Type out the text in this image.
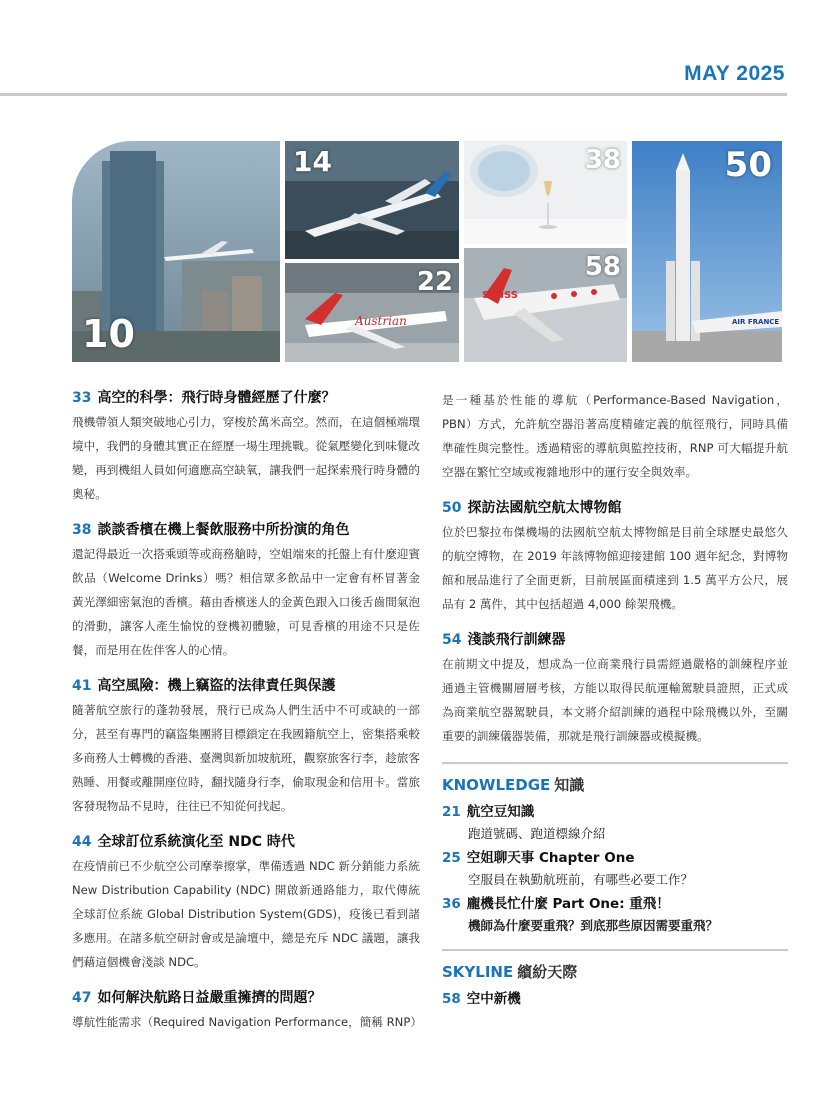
MAY 2025
10
14
Austrian
22
38
SWISS
58
AIR FRANCE
50
33 高空的科學：飛行時身體經歷了什麼？

飛機帶領人類突破地心引力，穿梭於萬米高空。然而，在這個極端環境中，我們的身體其實正在經歷一場生理挑戰。從氣壓變化到味覺改變，再到機組人員如何適應高空缺氧，讓我們一起探索飛行時身體的奧秘。

38 談談香檳在機上餐飲服務中所扮演的角色

還記得最近一次搭乘頭等或商務艙時，空姐端來的托盤上有什麼迎賓飲品（Welcome Drinks）嗎？相信眾多飲品中一定會有杯冒著金黃光澤細密氣泡的香檳。藉由香檳迷人的金黃色跟入口後舌齒間氣泡的滑動，讓客人產生愉悅的登機初體驗，可見香檳的用途不只是佐餐，而是用在佐伴客人的心情。

41 高空風險：機上竊盜的法律責任與保護

隨著航空旅行的蓬勃發展，飛行已成為人們生活中不可或缺的一部分，甚至有專門的竊盜集團將目標鎖定在我國籍航空上，密集搭乘較多商務人士轉機的香港、臺灣與新加坡航班，觀察旅客行李，趁旅客熟睡、用餐或離開座位時，翻找隨身行李，偷取現金和信用卡。當旅客發現物品不見時，往往已不知從何找起。

44 全球訂位系統演化至 NDC 時代

在疫情前已不少航空公司摩拳擦掌，準備透過 NDC 新分銷能力系統 New Distribution Capability (NDC) 開啟新通路能力，取代傳統全球訂位系統 Global Distribution System(GDS)，疫後已看到諸多應用。在諸多航空研討會或是論壇中，總是充斥 NDC 議題，讓我們藉這個機會淺談 NDC。

47 如何解決航路日益嚴重擁擠的問題？

導航性能需求（Required Navigation Performance，簡稱 RNP）

是一種基於性能的導航（Performance-Based Navigation，PBN）方式，允許航空器沿著高度精確定義的航徑飛行，同時具備準確性與完整性。透過精密的導航與監控技術，RNP 可大幅提升航空器在繁忙空域或複雜地形中的運行安全與效率。

50 探訪法國航空航太博物館

位於巴黎拉布傑機場的法國航空航太博物館是目前全球歷史最悠久的航空博物，在 2019 年該博物館迎接建館 100 週年紀念，對博物館和展品進行了全面更新，目前展區面積達到 1.5 萬平方公尺，展品有 2 萬件，其中包括超過 4,000 餘架飛機。

54 淺談飛行訓練器

在前期文中提及，想成為一位商業飛行員需經過嚴格的訓練程序並通過主管機關層層考核，方能以取得民航運輸駕駛員證照，正式成為商業航空器駕駛員，本文將介紹訓練的過程中除飛機以外，至關重要的訓練儀器裝備，那就是飛行訓練器或模擬機。

KNOWLEDGE 知識
21 航空豆知識
跑道號碼、跑道標線介紹
25 空姐聊天事 Chapter One
空服員在執勤航班前，有哪些必要工作？
36 龐機長忙什麼 Part One: 重飛！
機師為什麼要重飛？到底那些原因需要重飛？
SKYLINE 繽紛天際
58 空中新機
